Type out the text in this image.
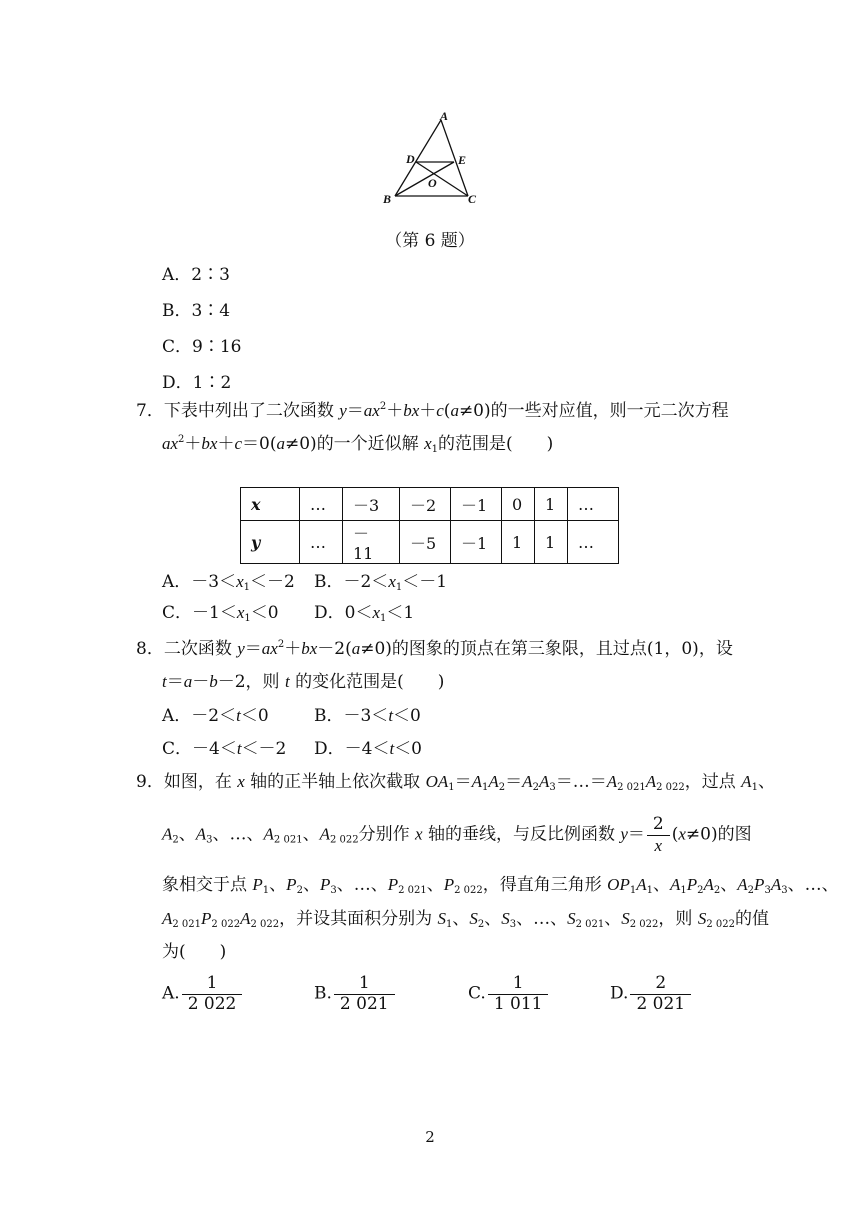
A
D	E
O
B	C
（第 6 题）
A．2∶3
B．3∶4
C．9∶16
D．1∶2
7．下表中列出了二次函数 $y=ax^2+bx+c(a\ne 0)$的一些对应值，则一元二次方程
$ax^2+bx+c=0(a\ne 0)$的一个近似解 $x_1$的范围是(　　)
x	…	－3	－2	－1	0	1	…
y	…	－11	－5	－1	1	1	…
A．$-3<x_1<-2$ B．$-2<x_1<-1$
C．$-1<x_1<0$ D．$0<x_1<1$
8．二次函数 $y=ax^2+bx-2(a\ne 0)$的图象的顶点在第三象限，且过点(1，0)，设
t＝a－b－2，则 t 的变化范围是(　　)
A．－2＜t＜0	B．－3＜t＜0
C．－4＜t＜－2 D．－4＜t＜0
9．如图，在 x 轴的正半轴上依次截取 $OA_1=A_1A_2=A_2A_3=\dots=A_{2 021}A_{2 022}$，过点 $A_1$、
$A_2$、$A_3$、…、$A_{2 021}$、$A_{2 022}$分别作 x 轴的垂线，与反比例函数 $y= \frac{2}{x} (x\ne 0)$的图
象相交于点 $P_1$、$P_2$、$P_3$、…、$P_{2 021}$、$P_{2 022}$，得直角三角形 $OP_1A_1$、$A_1P_2A_2$、$A_2P_3A_3$、…、
$A_{2 021}P_{2 022}A_{2 022}$，并设其面积分别为 $S_1$、$S_2$、$S_3$、…、$S_{2 021}$、$S_{2 022}$，则 $S_{2 022}$的值
为(　　)
A. $\frac{1}{2 022}$	B. $\frac{1}{2 021}$	C. $\frac{1}{1 011}$	D. $\frac{2}{2 021}$
2
